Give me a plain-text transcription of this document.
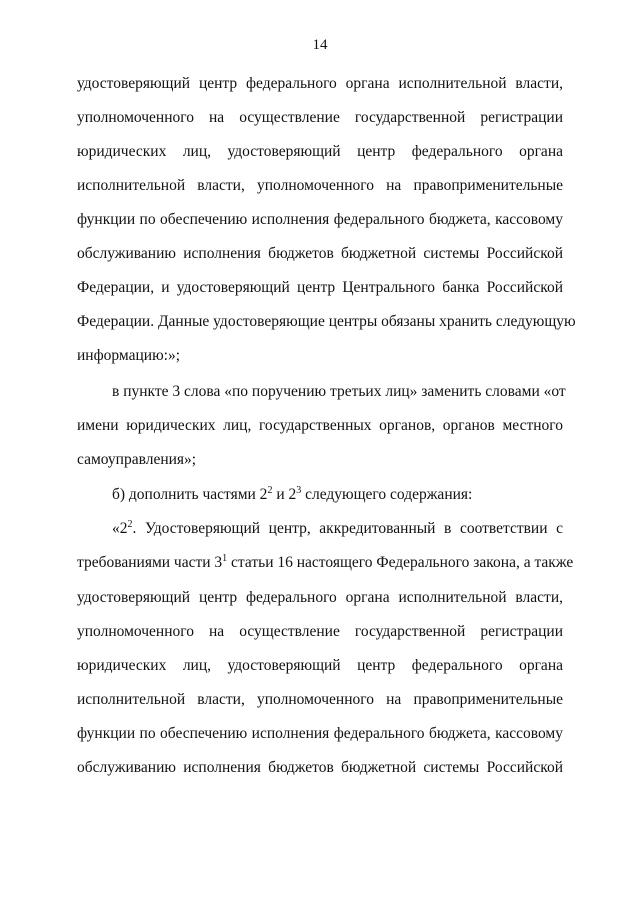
14
удостоверяющий центр федерального органа исполнительной власти,
уполномоченного на осуществление государственной регистрации
юридических лиц, удостоверяющий центр федерального органа
исполнительной власти, уполномоченного на правоприменительные
функции по обеспечению исполнения федерального бюджета, кассовому
обслуживанию исполнения бюджетов бюджетной системы Российской
Федерации, и удостоверяющий центр Центрального банка Российской
Федерации. Данные удостоверяющие центры обязаны хранить следующую
информацию:»;
в пункте 3 слова «по поручению третьих лиц» заменить словами «от
имени юридических лиц, государственных органов, органов местного
самоуправления»;
б) дополнить частями $2^2$ и $2^3$ следующего содержания:
«$2^2$. Удостоверяющий центр, аккредитованный в соответствии с
требованиями части $3^1$ статьи 16 настоящего Федерального закона, а также
удостоверяющий центр федерального органа исполнительной власти,
уполномоченного на осуществление государственной регистрации
юридических лиц, удостоверяющий центр федерального органа
исполнительной власти, уполномоченного на правоприменительные
функции по обеспечению исполнения федерального бюджета, кассовому
обслуживанию исполнения бюджетов бюджетной системы Российской
